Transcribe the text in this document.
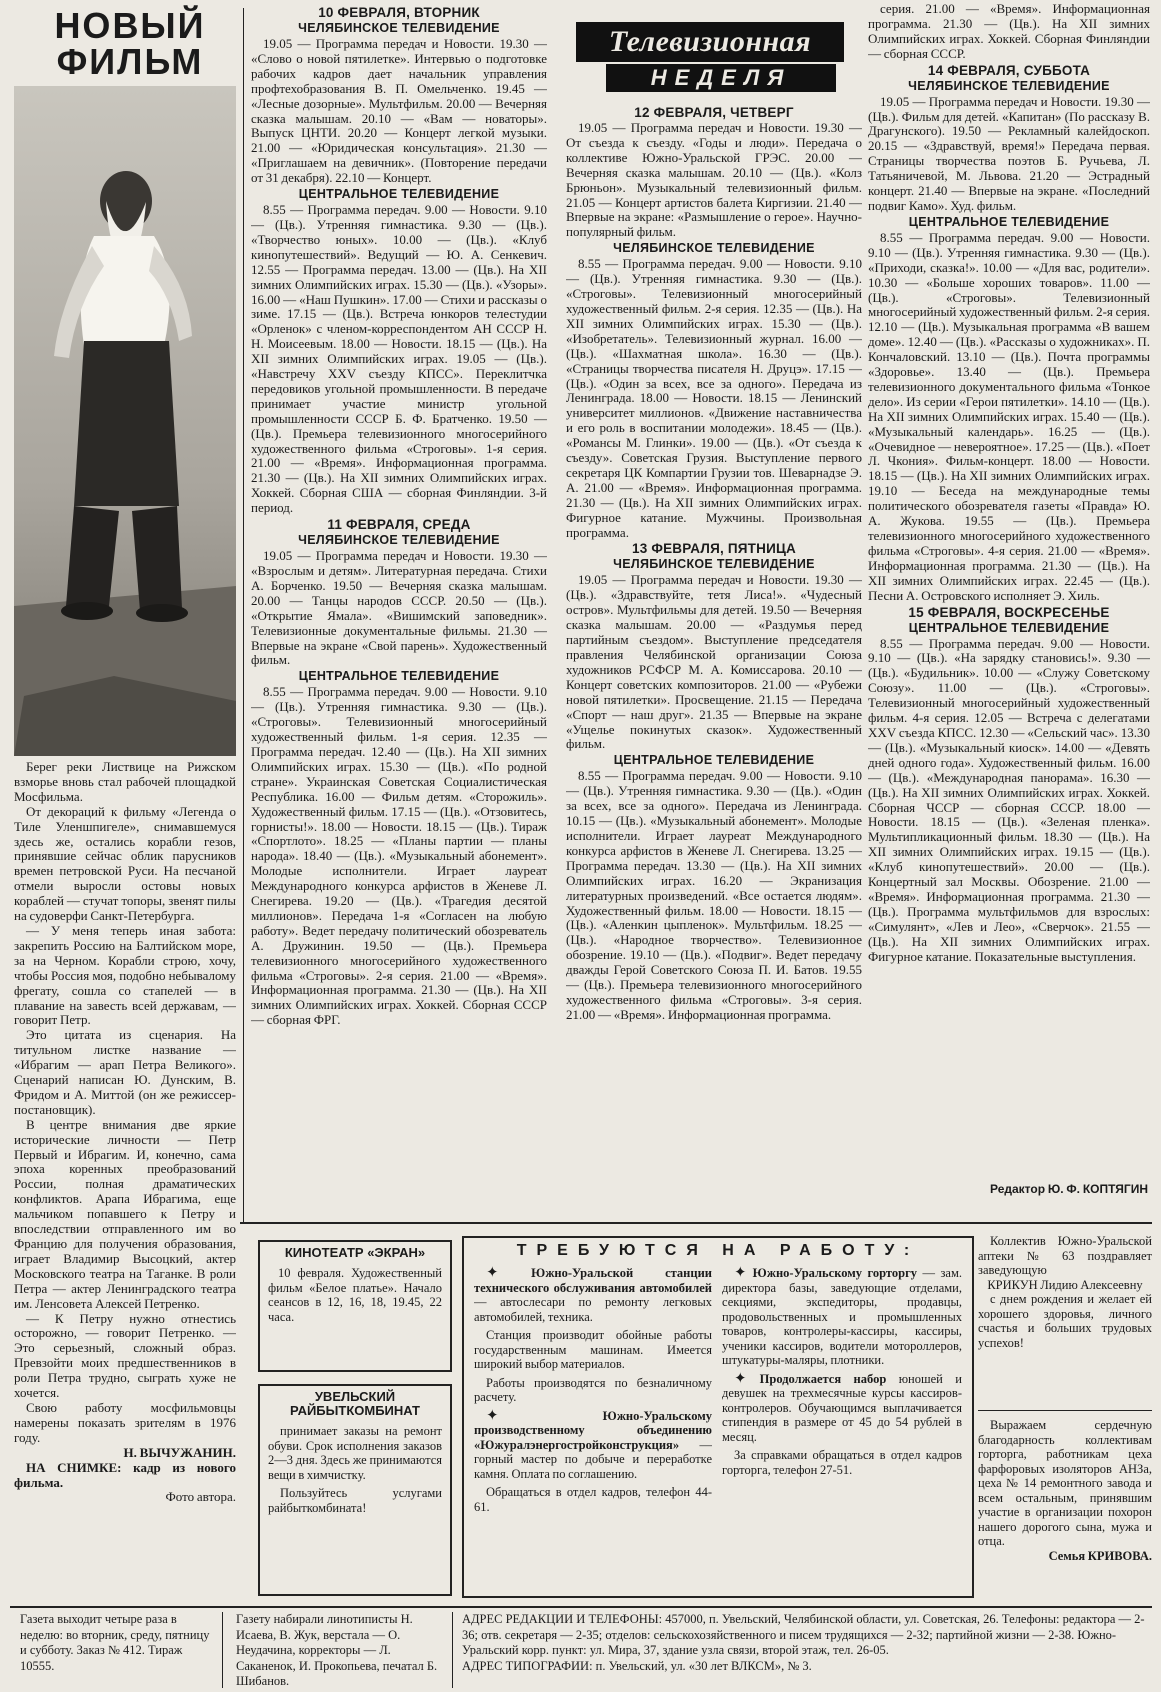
НОВЫЙ ФИЛЬМ

Берег реки Листвице на Рижском взморье вновь стал рабочей площадкой Мосфильма.

От декораций к фильму «Легенда о Тиле Уленшпигеле», снимавшемуся здесь же, остались корабли гезов, принявшие сейчас облик парусников времен петровской Руси. На песчаной отмели выросли остовы новых кораблей — стучат топоры, звенят пилы на судоверфи Санкт-Петербурга.

— У меня теперь иная забота: закрепить Россию на Балтийском море, за на Черном. Корабли строю, хочу, чтобы Россия моя, подобно небывалому фрегату, сошла со стапелей — в плавание на завесть всей державам, — говорит Петр.

Это цитата из сценария. На титульном листке название — «Ибрагим — арап Петра Великого». Сценарий написан Ю. Дунским, В. Фридом и А. Миттой (он же режиссер-постановщик).

В центре внимания две яркие исторические личности — Петр Первый и Ибрагим. И, конечно, сама эпоха коренных преобразований России, полная драматических конфликтов. Арапа Ибрагима, еще мальчиком попавшего к Петру и впоследствии отправленного им во Францию для получения образования, играет Владимир Высоцкий, актер Московского театра на Таганке. В роли Петра — актер Ленинградского театра им. Ленсовета Алексей Петренко.

— К Петру нужно отнестись осторожно, — говорит Петренко. — Это серьезный, сложный образ. Превзойти моих предшественников в роли Петра трудно, сыграть хуже не хочется.

Свою работу мосфильмовцы намерены показать зрителям в 1976 году.

Н. ВЫЧУЖАНИН.

НА СНИМКЕ: кадр из нового фильма.

Фото автора.

10 ФЕВРАЛЯ, ВТОРНИК
ЧЕЛЯБИНСКОЕ ТЕЛЕВИДЕНИЕ

19.05 — Программа передач и Новости. 19.30 — «Слово о новой пятилетке». Интервью о подготовке рабочих кадров дает начальник управления профтехобразования В. П. Омельченко. 19.45 — «Лесные дозорные». Мультфильм. 20.00 — Вечерняя сказка малышам. 20.10 — «Вам — новаторы». Выпуск ЦНТИ. 20.20 — Концерт легкой музыки. 21.00 — «Юридическая консультация». 21.30 — «Приглашаем на девичник». (Повторение передачи от 31 декабря). 22.10 — Концерт.

ЦЕНТРАЛЬНОЕ ТЕЛЕВИДЕНИЕ

8.55 — Программа передач. 9.00 — Новости. 9.10 — (Цв.). Утренняя гимнастика. 9.30 — (Цв.). «Творчество юных». 10.00 — (Цв.). «Клуб кинопутешествий». Ведущий — Ю. А. Сенкевич. 12.55 — Программа передач. 13.00 — (Цв.). На XII зимних Олимпийских играх. 15.30 — (Цв.). «Узоры». 16.00 — «Наш Пушкин». 17.00 — Стихи и рассказы о зиме. 17.15 — (Цв.). Встреча юнкоров телестудии «Орленок» с членом-корреспондентом АН СССР Н. Н. Моисеевым. 18.00 — Новости. 18.15 — (Цв.). На XII зимних Олимпийских играх. 19.05 — (Цв.). «Навстречу XXV съезду КПСС». Переклитчка передовиков угольной промышленности. В передаче принимает участие министр угольной промышленности СССР Б. Ф. Братченко. 19.50 — (Цв.). Премьера телевизионного многосерийного художественного фильма «Строговы». 1-я серия. 21.00 — «Время». Информационная программа. 21.30 — (Цв.). На XII зимних Олимпийских играх. Хоккей. Сборная США — сборная Финляндии. 3-й период.

11 ФЕВРАЛЯ, СРЕДА
ЧЕЛЯБИНСКОЕ ТЕЛЕВИДЕНИЕ

19.05 — Программа передач и Новости. 19.30 — «Взрослым и детям». Литературная передача. Стихи А. Борченко. 19.50 — Вечерняя сказка малышам. 20.00 — Танцы народов СССР. 20.50 — (Цв.). «Открытие Ямала». «Вишимский заповедник». Телевизионные документальные фильмы. 21.30 — Впервые на экране «Свой парень». Художественный фильм.

ЦЕНТРАЛЬНОЕ ТЕЛЕВИДЕНИЕ

8.55 — Программа передач. 9.00 — Новости. 9.10 — (Цв.). Утренняя гимнастика. 9.30 — (Цв.). «Строговы». Телевизионный многосерийный художественный фильм. 1-я серия. 12.35 — Программа передач. 12.40 — (Цв.). На XII зимних Олимпийских играх. 15.30 — (Цв.). «По родной стране». Украинская Советская Социалистическая Республика. 16.00 — Фильм детям. «Сторожиль». Художественный фильм. 17.15 — (Цв.). «Отзовитесь, горнисты!». 18.00 — Новости. 18.15 — (Цв.). Тираж «Спортлото». 18.25 — «Планы партии — планы народа». 18.40 — (Цв.). «Музыкальный абонемент». Молодые исполнители. Играет лауреат Международного конкурса арфистов в Женеве Л. Снегирева. 19.20 — (Цв.). «Трагедия десятой миллионов». Передача 1-я «Согласен на любую работу». Ведет передачу политический обозреватель А. Дружинин. 19.50 — (Цв.). Премьера телевизионного многосерийного художественного фильма «Строговы». 2-я серия. 21.00 — «Время». Информационная программа. 21.30 — (Цв.). На XII зимних Олимпийских играх. Хоккей. Сборная СССР — сборная ФРГ.

Телевизионная
НЕДЕЛЯ
12 ФЕВРАЛЯ, ЧЕТВЕРГ

19.05 — Программа передач и Новости. 19.30 — От съезда к съезду. «Годы и люди». Передача о коллективе Южно-Уральской ГРЭС. 20.00 — Вечерняя сказка малышам. 20.10 — (Цв.). «Колз Брюньон». Музыкальный телевизионный фильм. 21.05 — Концерт артистов балета Киргизии. 21.40 — Впервые на экране: «Размышление о герое». Научно-популярный фильм.

ЧЕЛЯБИНСКОЕ ТЕЛЕВИДЕНИЕ

8.55 — Программа передач. 9.00 — Новости. 9.10 — (Цв.). Утренняя гимнастика. 9.30 — (Цв.). «Строговы». Телевизионный многосерийный художественный фильм. 2-я серия. 12.35 — (Цв.). На XII зимних Олимпийских играх. 15.30 — (Цв.). «Изобретатель». Телевизионный журнал. 16.00 — (Цв.). «Шахматная школа». 16.30 — (Цв.). «Страницы творчества писателя Н. Друцэ». 17.15 — (Цв.). «Один за всех, все за одного». Передача из Ленинграда. 18.00 — Новости. 18.15 — Ленинский университет миллионов. «Движение наставничества и его роль в воспитании молодежи». 18.45 — (Цв.). «Романсы М. Глинки». 19.00 — (Цв.). «От съезда к съезду». Советская Грузия. Выступление первого секретаря ЦК Компартии Грузии тов. Шеварнадзе Э. А. 21.00 — «Время». Информационная программа. 21.30 — (Цв.). На XII зимних Олимпийских играх. Фигурное катание. Мужчины. Произвольная программа.

13 ФЕВРАЛЯ, ПЯТНИЦА
ЧЕЛЯБИНСКОЕ ТЕЛЕВИДЕНИЕ

19.05 — Программа передач и Новости. 19.30 — (Цв.). «Здравствуйте, тетя Лиса!». «Чудесный остров». Мультфильмы для детей. 19.50 — Вечерняя сказка малышам. 20.00 — «Раздумья перед партийным съездом». Выступление председателя правления Челябинской организации Союза художников РСФСР М. А. Комиссарова. 20.10 — Концерт советских композиторов. 21.00 — «Рубежи новой пятилетки». Просвещение. 21.15 — Передача «Спорт — наш друг». 21.35 — Впервые на экране «Ущелье покинутых сказок». Художественный фильм.

ЦЕНТРАЛЬНОЕ ТЕЛЕВИДЕНИЕ

8.55 — Программа передач. 9.00 — Новости. 9.10 — (Цв.). Утренняя гимнастика. 9.30 — (Цв.). «Один за всех, все за одного». Передача из Ленинграда. 10.15 — (Цв.). «Музыкальный абонемент». Молодые исполнители. Играет лауреат Международного конкурса арфистов в Женеве Л. Снегирева. 13.25 — Программа передач. 13.30 — (Цв.). На XII зимних Олимпийских играх. 16.20 — Экранизация литературных произведений. «Все остается людям». Художественный фильм. 18.00 — Новости. 18.15 — (Цв.). «Аленкин цыпленок». Мультфильм. 18.25 — (Цв.). «Народное творчество». Телевизионное обозрение. 19.10 — (Цв.). «Подвиг». Ведет передачу дважды Герой Советского Союза П. И. Батов. 19.55 — (Цв.). Премьера телевизионного многосерийного художественного фильма «Строговы». 3-я серия. 21.00 — «Время». Информационная программа.

серия. 21.00 — «Время». Информационная программа. 21.30 — (Цв.). На XII зимних Олимпийских играх. Хоккей. Сборная Финляндии — сборная СССР.

14 ФЕВРАЛЯ, СУББОТА
ЧЕЛЯБИНСКОЕ ТЕЛЕВИДЕНИЕ

19.05 — Программа передач и Новости. 19.30 — (Цв.). Фильм для детей. «Капитан» (По рассказу В. Драгунского). 19.50 — Рекламный калейдоскоп. 20.15 — «Здравствуй, время!» Передача первая. Страницы творчества поэтов Б. Ручьева, Л. Татьяничевой, М. Львова. 21.20 — Эстрадный концерт. 21.40 — Впервые на экране. «Последний подвиг Камо». Худ. фильм.

ЦЕНТРАЛЬНОЕ ТЕЛЕВИДЕНИЕ

8.55 — Программа передач. 9.00 — Новости. 9.10 — (Цв.). Утренняя гимнастика. 9.30 — (Цв.). «Приходи, сказка!». 10.00 — «Для вас, родители». 10.30 — «Больше хороших товаров». 11.00 — (Цв.). «Строговы». Телевизионный многосерийный художественный фильм. 2-я серия. 12.10 — (Цв.). Музыкальная программа «В вашем доме». 12.40 — (Цв.). «Рассказы о художниках». П. Кончаловский. 13.10 — (Цв.). Почта программы «Здоровье». 13.40 — (Цв.). Премьера телевизионного документального фильма «Тонкое дело». Из серии «Герои пятилетки». 14.10 — (Цв.). На XII зимних Олимпийских играх. 15.40 — (Цв.). «Музыкальный календарь». 16.25 — (Цв.). «Очевидное — невероятное». 17.25 — (Цв.). «Поет Л. Чкония». Фильм-концерт. 18.00 — Новости. 18.15 — (Цв.). На XII зимних Олимпийских играх. 19.10 — Беседа на международные темы политического обозревателя газеты «Правда» Ю. А. Жукова. 19.55 — (Цв.). Премьера телевизионного многосерийного художественного фильма «Строговы». 4-я серия. 21.00 — «Время». Информационная программа. 21.30 — (Цв.). На XII зимних Олимпийских играх. 22.45 — (Цв.). Песни А. Островского исполняет Э. Хиль.

15 ФЕВРАЛЯ, ВОСКРЕСЕНЬЕ
ЦЕНТРАЛЬНОЕ ТЕЛЕВИДЕНИЕ

8.55 — Программа передач. 9.00 — Новости. 9.10 — (Цв.). «На зарядку становись!». 9.30 — (Цв.). «Будильник». 10.00 — «Служу Советскому Союзу». 11.00 — (Цв.). «Строговы». Телевизионный многосерийный художественный фильм. 4-я серия. 12.05 — Встреча с делегатами XXV съезда КПСС. 12.30 — «Сельский час». 13.30 — (Цв.). «Музыкальный киоск». 14.00 — «Девять дней одного года». Художественный фильм. 16.00 — (Цв.). «Международная панорама». 16.30 — (Цв.). На XII зимних Олимпийских играх. Хоккей. Сборная ЧССР — сборная СССР. 18.00 — Новости. 18.15 — (Цв.). «Зеленая пленка». Мультипликационный фильм. 18.30 — (Цв.). На XII зимних Олимпийских играх. 19.15 — (Цв.). «Клуб кинопутешествий». 20.00 — (Цв.). Концертный зал Москвы. Обозрение. 21.00 — «Время». Информационная программа. 21.30 — (Цв.). Программа мультфильмов для взрослых: «Симулянт», «Лев и Лео», «Сверчок». 21.55 — (Цв.). На XII зимних Олимпийских играх. Фигурное катание. Показательные выступления.

Редактор Ю. Ф. КОПТЯГИН

КИНОТЕАТР «ЭКРАН»

10 февраля. Художественный фильм «Белое платье». Начало сеансов в 12, 16, 18, 19.45, 22 часа.

УВЕЛЬСКИЙ РАЙБЫТКОМБИНАТ

принимает заказы на ремонт обуви. Срок исполнения заказов 2—3 дня. Здесь же принимаются вещи в химчистку.

Пользуйтесь услугами райбыткомбината!

ТРЕБУЮТСЯ НА РАБОТУ:

✦ Южно-Уральской станции технического обслуживания автомобилей — автослесари по ремонту легковых автомобилей, техника.

Станция производит обойные работы государственным машинам. Имеется широкий выбор материалов.

Работы производятся по безналичному расчету.

✦ Южно-Уральскому производственному объединению «Южуралэнергостройконструкция» — горный мастер по добыче и переработке камня. Оплата по соглашению.

Обращаться в отдел кадров, телефон 44-61.

✦ Южно-Уральскому горторгу — зам. директора базы, заведующие отделами, секциями, экспедиторы, продавцы, продовольственных и промышленных товаров, контролеры-кассиры, кассиры, ученики кассиров, водители мотороллеров, штукатуры-маляры, плотники.

✦ Продолжается набор юношей и девушек на трехмесячные курсы кассиров-контролеров. Обучающимся выплачивается стипендия в размере от 45 до 54 рублей в месяц.

За справками обращаться в отдел кадров горторга, телефон 27-51.

Коллектив Южно-Уральской аптеки № 63 поздравляет заведующую

КРИКУН Лидию Алексеевну

с днем рождения и желает ей хорошего здоровья, личного счастья и больших трудовых успехов!

Выражаем сердечную благодарность коллективам горторга, работникам цеха фарфоровых изоляторов АНЗа, цеха № 14 ремонтного завода и всем остальным, принявшим участие в организации похорон нашего дорогого сына, мужа и отца.

Семья КРИВОВА.

Газета выходит четыре раза в неделю: во вторник, среду, пятницу и субботу. Заказ № 412. Тираж 10555.

Газету набирали линотиписты Н. Исаева, В. Жук, верстала — О. Неудачина, корректоры — Л. Саканенок, И. Прокопьева, печатал Б. Шибанов.

АДРЕС РЕДАКЦИИ И ТЕЛЕФОНЫ: 457000, п. Увельский, Челябинской области, ул. Советская, 26. Телефоны: редактора — 2-36; отв. секретаря — 2-35; отделов: сельскохозяйственного и писем трудящихся — 2-32; партийной жизни — 2-38. Южно-Уральский корр. пункт: ул. Мира, 37, здание узла связи, второй этаж, тел. 26-05.

АДРЕС ТИПОГРАФИИ: п. Увельский, ул. «30 лет ВЛКСМ», № 3.
